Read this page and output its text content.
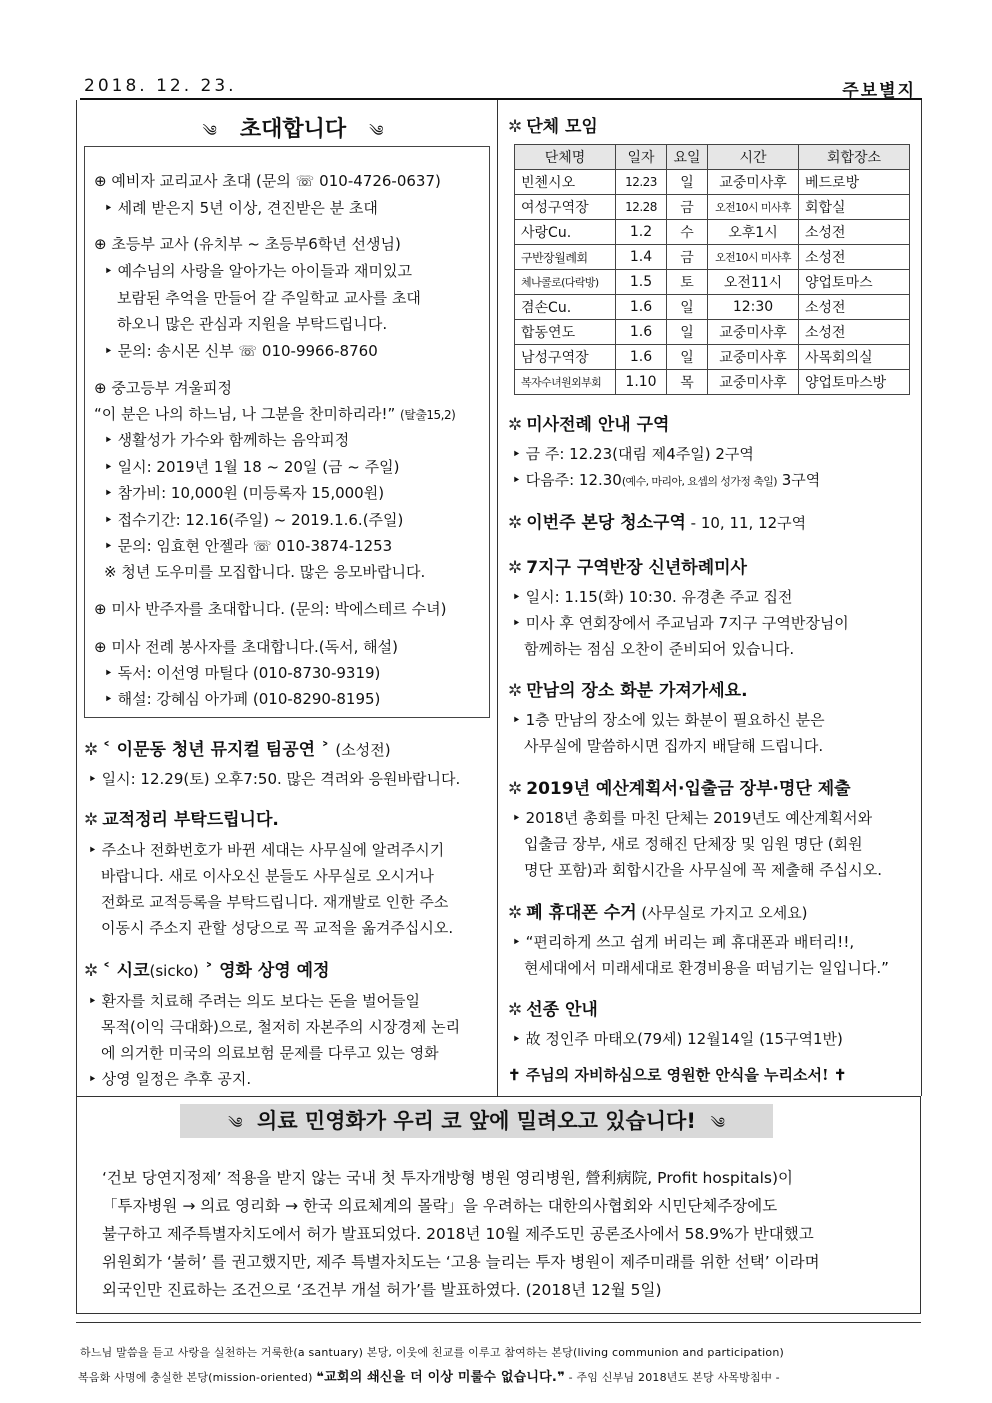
2018. 12. 23.	주보별지
༄ 초대합니다 ༄
⊕ 예비자 교리교사 초대 (문의 ☏ 010-4726-0637)
‣ 세례 받은지 5년 이상, 견진받은 분 초대
⊕ 초등부 교사 (유치부 ~ 초등부6학년 선생님)
‣ 예수님의 사랑을 알아가는 아이들과 재미있고
보람된 추억을 만들어 갈 주일학교 교사를 초대
하오니 많은 관심과 지원을 부탁드립니다.
‣ 문의: 송시몬 신부 ☏ 010-9966-8760
⊕ 중고등부 겨울피정
“이 분은 나의 하느님, 나 그분을 찬미하리라!” (탈출15,2)
‣ 생활성가 가수와 함께하는 음악피정
‣ 일시: 2019년 1월 18 ~ 20일 (금 ~ 주일)
‣ 참가비: 10,000원 (미등록자 15,000원)
‣ 접수기간: 12.16(주일) ~ 2019.1.6.(주일)
‣ 문의: 임효현 안젤라 ☏ 010-3874-1253
※ 청년 도우미를 모집합니다. 많은 응모바랍니다.
⊕ 미사 반주자를 초대합니다. (문의: 박에스테르 수녀)
⊕ 미사 전례 봉사자를 초대합니다.(독서, 해설)
‣ 독서: 이선영 마틸다 (010-8730-9319)
‣ 해설: 강혜심 아가페 (010-8290-8195)
✲ ˂ 이문동 청년 뮤지컬 팀공연 ˃ (소성전)
‣ 일시: 12.29(토) 오후7:50. 많은 격려와 응원바랍니다.
✲ 교적정리 부탁드립니다.
‣ 주소나 전화번호가 바뀐 세대는 사무실에 알려주시기
바랍니다. 새로 이사오신 분들도 사무실로 오시거나
전화로 교적등록을 부탁드립니다. 재개발로 인한 주소
이동시 주소지 관할 성당으로 꼭 교적을 옮겨주십시오.
✲ ˂ 시코(sicko) ˃ 영화 상영 예정
‣ 환자를 치료해 주려는 의도 보다는 돈을 벌어들일
목적(이익 극대화)으로, 철저히 자본주의 시장경제 논리
에 의거한 미국의 의료보험 문제를 다루고 있는 영화
‣ 상영 일정은 추후 공지.
✲ 단체 모임
단체명	일자	요일	시간	회합장소
빈첸시오	12.23	일	교중미사후	베드로방
여성구역장	12.28	금	오전10시 미사후	회합실
사랑Cu.	1.2	수	오후1시	소성전
구반장월례회	1.4	금	오전10시 미사후	소성전
체나콜로(다락방)	1.5	토	오전11시	양업토마스
겸손Cu.	1.6	일	12:30	소성전
합동연도	1.6	일	교중미사후	소성전
남성구역장	1.6	일	교중미사후	사목회의실
복자수녀원외부회	1.10	목	교중미사후	양업토마스방
✲ 미사전례 안내 구역
‣ 금 주: 12.23(대림 제4주일) 2구역
‣ 다음주: 12.30(예수, 마리아, 요셉의 성가정 축일) 3구역
✲ 이번주 본당 청소구역 - 10, 11, 12구역
✲ 7지구 구역반장 신년하례미사
‣ 일시: 1.15(화) 10:30. 유경촌 주교 집전
‣ 미사 후 연회장에서 주교님과 7지구 구역반장님이
함께하는 점심 오찬이 준비되어 있습니다.
✲ 만남의 장소 화분 가져가세요.
‣ 1층 만남의 장소에 있는 화분이 필요하신 분은
사무실에 말씀하시면 집까지 배달해 드립니다.
✲ 2019년 예산계획서·입출금 장부·명단 제출
‣ 2018년 총회를 마친 단체는 2019년도 예산계획서와
입출금 장부, 새로 정해진 단체장 및 임원 명단 (회원
명단 포함)과 회합시간을 사무실에 꼭 제출해 주십시오.
✲ 폐 휴대폰 수거 (사무실로 가지고 오세요)
‣ “편리하게 쓰고 쉽게 버리는 폐 휴대폰과 배터리!!,
현세대에서 미래세대로 환경비용을 떠넘기는 일입니다.”
✲ 선종 안내
‣ 故 정인주 마태오(79세) 12월14일 (15구역1반)
✝ 주님의 자비하심으로 영원한 안식을 누리소서! ✝
༄ 의료 민영화가 우리 코 앞에 밀려오고 있습니다! ༄
‘건보 당연지정제’ 적용을 받지 않는 국내 첫 투자개방형 병원 영리병원, 營利病院, Profit hospitals)이
「투자병원 → 의료 영리화 → 한국 의료체계의 몰락」을 우려하는 대한의사협회와 시민단체주장에도
불구하고 제주특별자치도에서 허가 발표되었다. 2018년 10월 제주도민 공론조사에서 58.9%가 반대했고
위원회가 ‘불허’ 를 권고했지만, 제주 특별자치도는 ‘고용 늘리는 투자 병원이 제주미래를 위한 선택’ 이라며
외국인만 진료하는 조건으로 ‘조건부 개설 허가’를 발표하였다. (2018년 12월 5일)
하느님 말씀을 듣고 사랑을 실천하는 거룩한(a santuary) 본당, 이웃에 친교를 이루고 참여하는 본당(living communion and participation)
복음화 사명에 충실한 본당(mission-oriented) ❝교회의 쇄신을 더 이상 미룰수 없습니다.❞ - 주임 신부님 2018년도 본당 사목방침中 -
